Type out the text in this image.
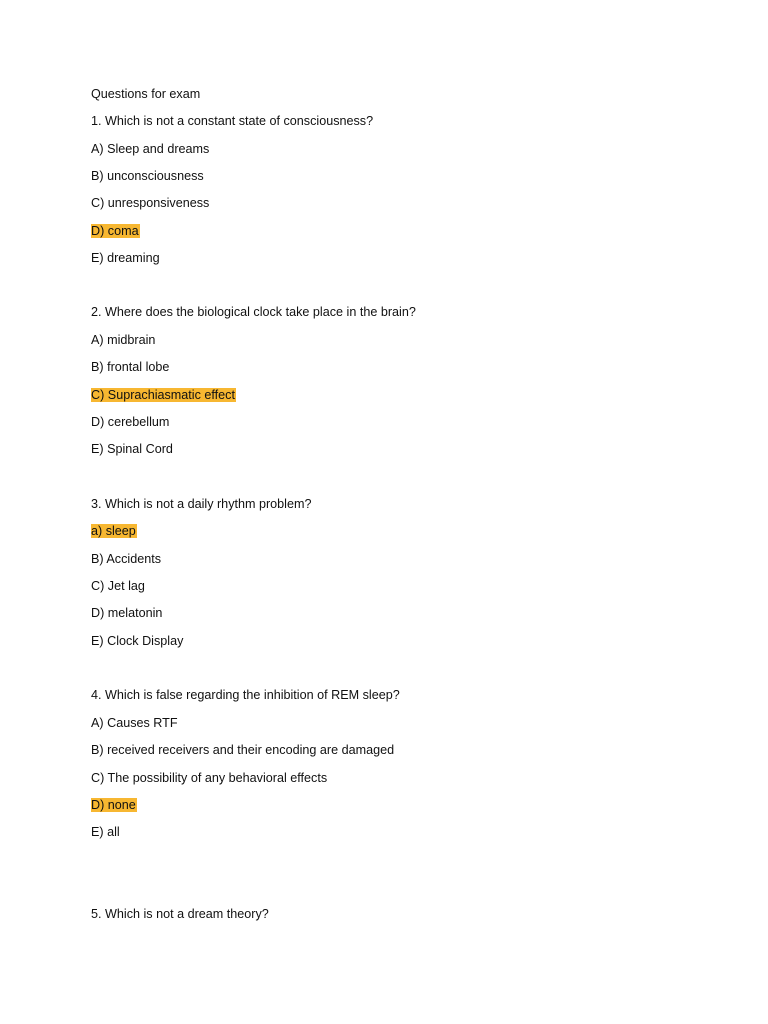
Questions for exam
1. Which is not a constant state of consciousness?
A) Sleep and dreams
B) unconsciousness
C) unresponsiveness
D) coma
E) dreaming
2. Where does the biological clock take place in the brain?
A) midbrain
B) frontal lobe
C) Suprachiasmatic effect
D) cerebellum
E) Spinal Cord
3. Which is not a daily rhythm problem?
a) sleep
B) Accidents
C) Jet lag
D) melatonin
E) Clock Display
4. Which is false regarding the inhibition of REM sleep?
A) Causes RTF
B) received receivers and their encoding are damaged
C) The possibility of any behavioral effects
D) none
E) all
5. Which is not a dream theory?
